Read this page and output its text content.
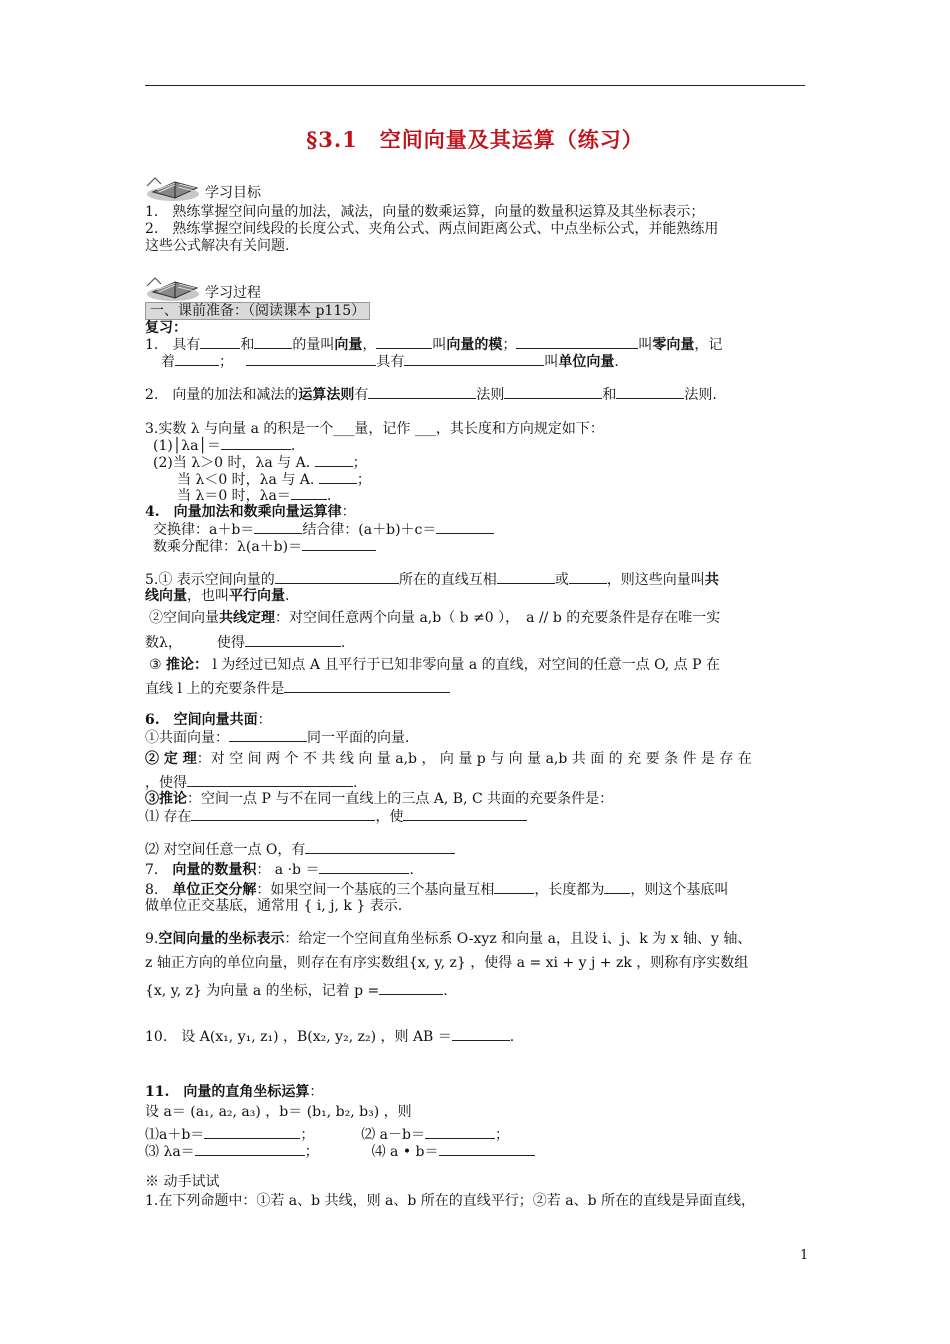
§3.1　空间向量及其运算（练习）
学习目标
1.　熟练掌握空间向量的加法，减法，向量的数乘运算，向量的数量积运算及其坐标表示；
2.　熟练掌握空间线段的长度公式、夹角公式、两点间距离公式、中点坐标公式，并能熟练用
这些公式解决有关问题.
学习过程
一、课前准备：（阅读课本 p115）
复习：
1.　具有	和	的量叫向量，	叫向量的模；	叫零向量，记
着	；	具有	叫单位向量.
2.　向量的加法和减法的运算法则有	法则	和	法则.
3.实数 λ 与向量 a 的积是一个___量，记作 ___，其长度和方向规定如下：
(1)│λa│＝	.
(2)当 λ＞0 时，λa 与 A.	；
当 λ＜0 时，λa 与 A.	；
当 λ＝0 时，λa＝	.
4.　向量加法和数乘向量运算律：
交换律：a＋b＝	结合律：(a＋b)＋c＝
数乘分配律：λ(a＋b)＝
5.① 表示空间向量的	所在的直线互相	或	，则这些向量叫共
线向量，也叫平行向量.
②空间向量共线定理：对空间任意两个向量 a,b（ b ≠0 ），　a // b 的充要条件是存在唯一实
数λ，　　　使得	.
③ 推论： l 为经过已知点 A 且平行于已知非零向量 a 的直线，对空间的任意一点 O, 点 P 在
直线 l 上的充要条件是
6.　空间向量共面：
①共面向量：	同一平面的向量.
② 定 理：对 空 间 两 个 不 共 线 向 量 a,b ， 向 量 p 与 向 量 a,b 共 面 的 充 要 条 件 是 存 在
，使得	.
③推论：空间一点 P 与不在同一直线上的三点 A, B, C 共面的充要条件是：
⑴ 存在	，使
⑵ 对空间任意一点 O，有
7.　向量的数量积： a ·b ＝	.
8.　单位正交分解：如果空间一个基底的三个基向量互相	，长度都为 ，则这个基底叫
做单位正交基底，通常用 { i, j, k } 表示.
9.空间向量的坐标表示：给定一个空间直角坐标系 O-xyz 和向量 a，且设 i、j、k 为 x 轴、y 轴、
z 轴正方向的单位向量，则存在有序实数组{x, y, z} ，使得 a = xi + y j + zk ，则称有序实数组
{x, y, z} 为向量 a 的坐标，记着 p =	.
10.　设 A(x₁, y₁, z₁) ，B(x₂, y₂, z₂) ，则 AB ＝	.
11.　向量的直角坐标运算：
设 a＝ (a₁, a₂, a₃) ，b＝ (b₁, b₂, b₃) ，则
⑴a＋b＝	；	⑵ a－b＝	；
⑶ λa＝	；	⑷ a • b＝
※ 动手试试
1.在下列命题中：①若 a、b 共线，则 a、b 所在的直线平行；②若 a、b 所在的直线是异面直线，
1
